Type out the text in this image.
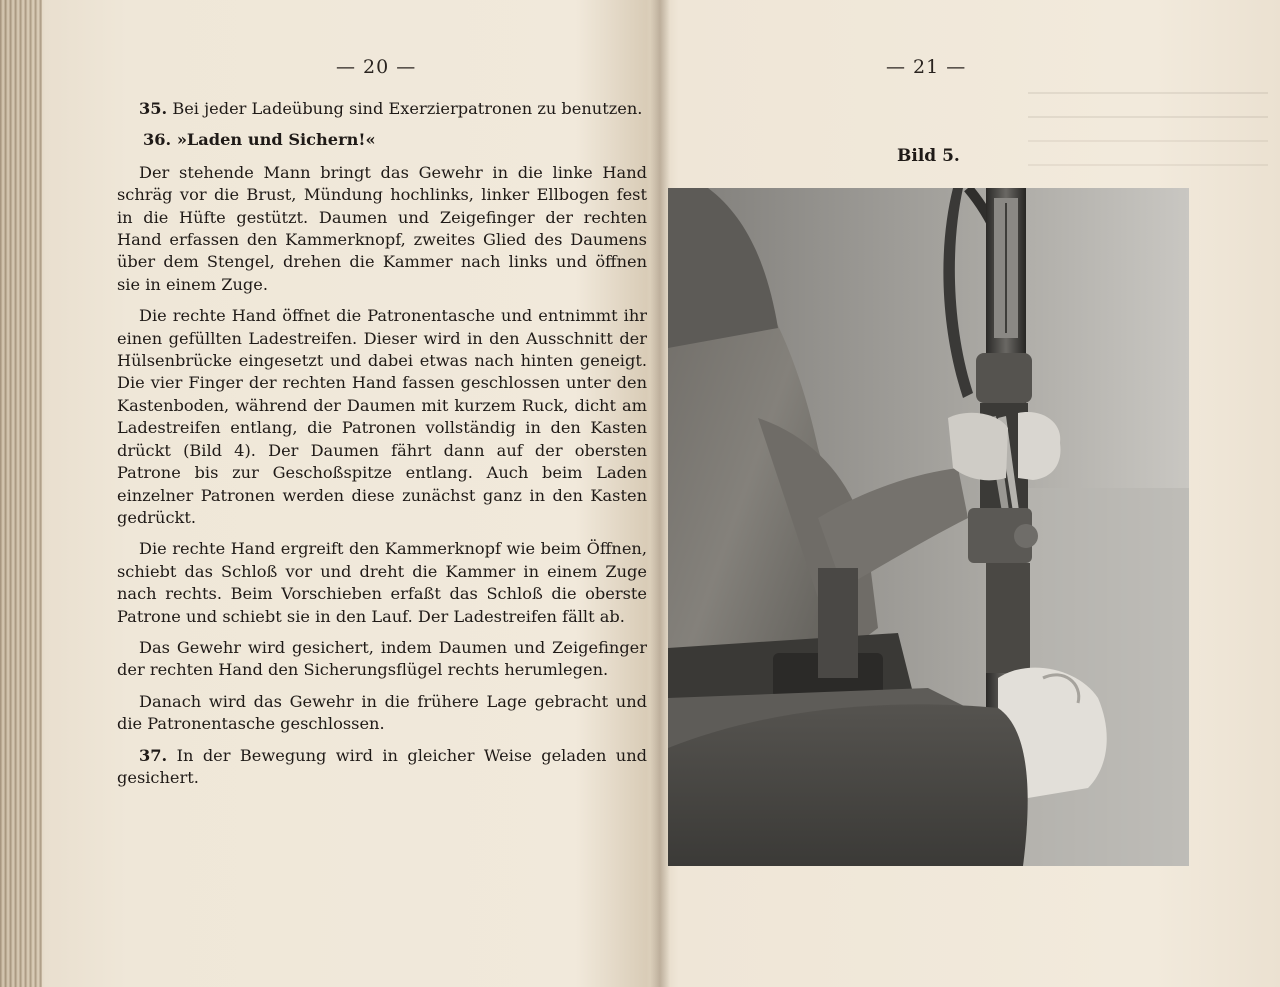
— 20 —

35. Bei jeder Ladeübung sind Exerzierpatronen zu benutzen.

36. »Laden und Sichern!«

Der stehende Mann bringt das Gewehr in die linke Hand schräg vor die Brust, Mündung hochlinks, linker Ellbogen fest in die Hüfte gestützt. Daumen und Zeigefinger der rechten Hand erfassen den Kammerknopf, zweites Glied des Daumens über dem Stengel, drehen die Kammer nach links und öffnen sie in einem Zuge.

Die rechte Hand öffnet die Patronentasche und entnimmt ihr einen gefüllten Ladestreifen. Dieser wird in den Ausschnitt der Hülsenbrücke eingesetzt und dabei etwas nach hinten geneigt. Die vier Finger der rechten Hand fassen geschlossen unter den Kastenboden, während der Daumen mit kurzem Ruck, dicht am Ladestreifen entlang, die Patronen vollständig in den Kasten drückt (Bild 4). Der Daumen fährt dann auf der obersten Patrone bis zur Geschoßspitze entlang. Auch beim Laden einzelner Patronen werden diese zunächst ganz in den Kasten gedrückt.

Die rechte Hand ergreift den Kammerknopf wie beim Öffnen, schiebt das Schloß vor und dreht die Kammer in einem Zuge nach rechts. Beim Vorschieben erfaßt das Schloß die oberste Patrone und schiebt sie in den Lauf. Der Ladestreifen fällt ab.

Das Gewehr wird gesichert, indem Daumen und Zeigefinger der rechten Hand den Sicherungsflügel rechts herumlegen.

Danach wird das Gewehr in die frühere Lage gebracht und die Patronentasche geschlossen.

37. In der Bewegung wird in gleicher Weise geladen und gesichert.

— 21 —
Bild 5.
